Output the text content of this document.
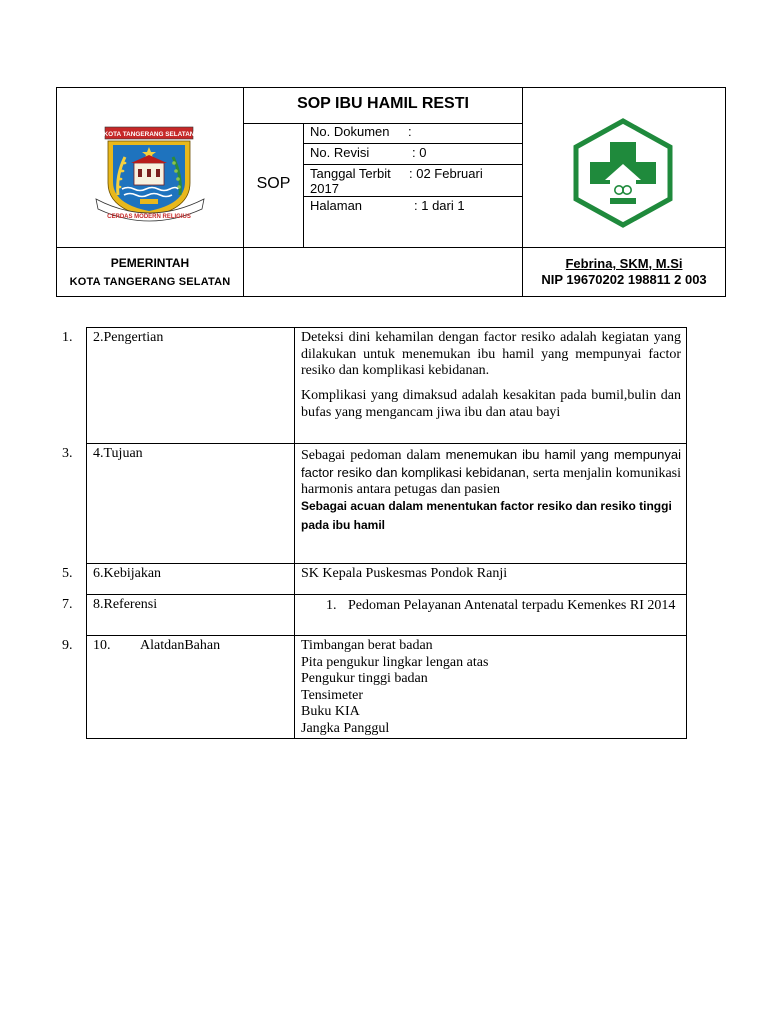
KOTA TANGERANG SELATAN
CERDAS MODERN RELIGIUS
SOP IBU HAMIL RESTI
SOP
No. Dokumen :
No. Revisi	: 0
Tanggal Terbit : 02 Februari
2017
Halaman	: 1 dari 1
PEMERINTAH
KOTA TANGERANG SELATAN
Febrina, SKM, M.Si
NIP 19670202 198811 2 003
1. 2.Pengertian	Deteksi dini kehamilan dengan factor resiko adalah kegiatan yang dilakukan untuk menemukan ibu hamil yang mempunyai factor resiko dan komplikasi kebidanan.
Komplikasi yang dimaksud adalah kesakitan pada bumil,bulin dan bufas yang mengancam jiwa ibu dan atau bayi
3. 4.Tujuan	Sebagai pedoman dalam menemukan ibu hamil yang mempunyai factor resiko dan komplikasi kebidanan, serta menjalin komunikasi harmonis antara petugas dan pasien
Sebagai acuan dalam menentukan factor resiko dan resiko tinggi pada ibu hamil
5. 6.Kebijakan	SK Kepala Puskesmas Pondok Ranji
7. 8.Referensi	1. Pedoman Pelayanan Antenatal terpadu Kemenkes RI 2014
9. 10. AlatdanBahan	Timbangan berat badan
Pita pengukur lingkar lengan atas
Pengukur tinggi badan
Tensimeter
Buku KIA
Jangka Panggul
